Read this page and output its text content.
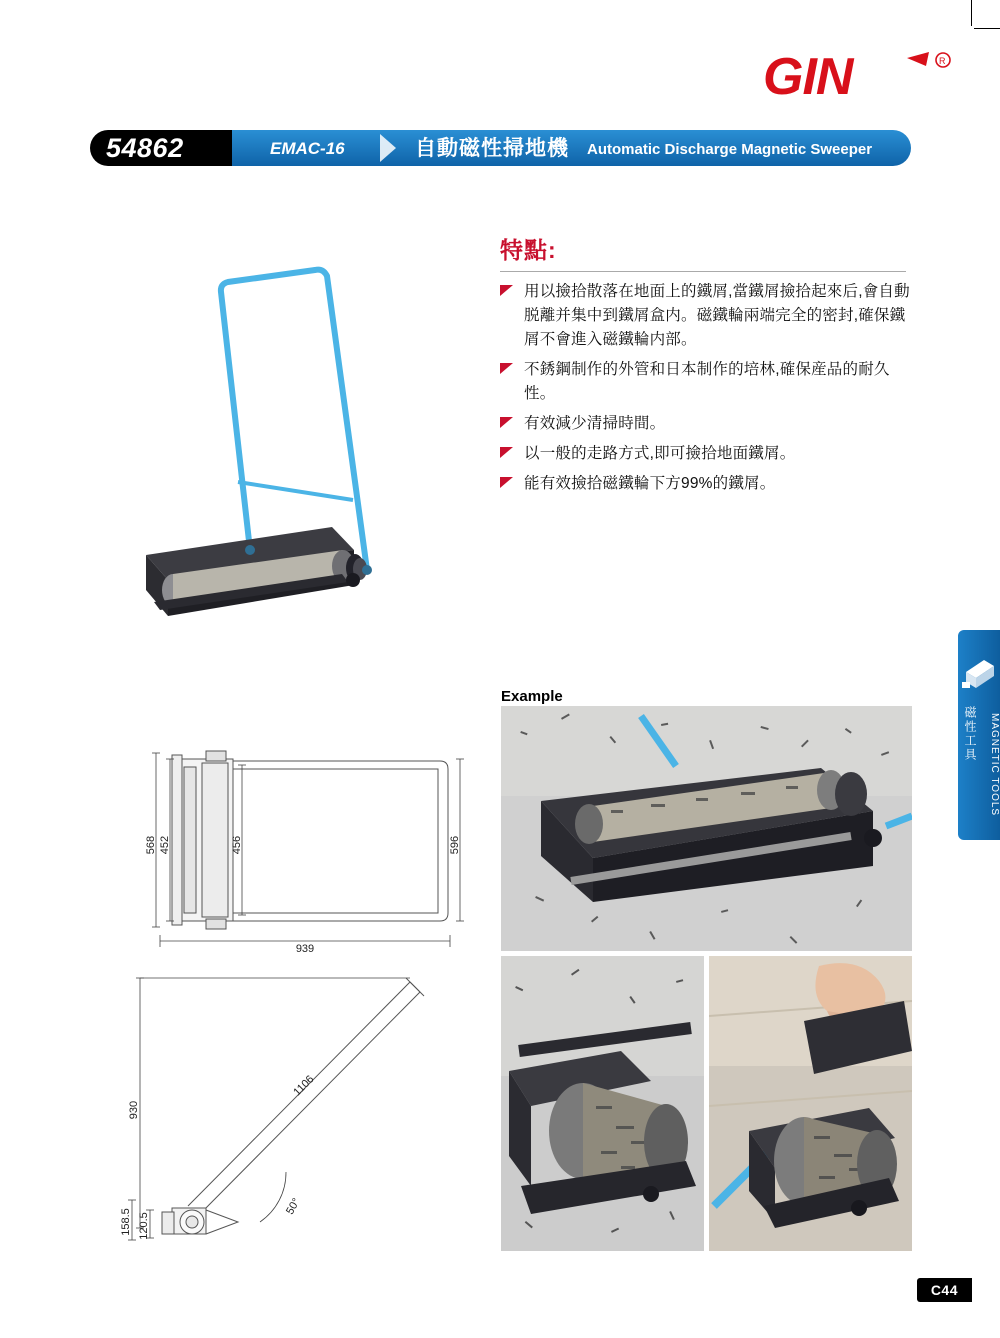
GIN	R
54862	EMAC-16	自動磁性掃地機 Automatic Discharge Magnetic Sweeper
特點:
用以撿拾散落在地面上的鐵屑,當鐵屑撿拾起來后,會自動脱離并集中到鐵屑盒内。磁鐵輪兩端完全的密封,確保鐵屑不會進入磁鐵輪内部。
不銹鋼制作的外管和日本制作的培林,確保産品的耐久性。
有效減少清掃時間。
以一般的走路方式,即可撿拾地面鐵屑。
能有效撿拾磁鐵輪下方99%的鐵屑。
MAGNETIC TOOLS
磁性工具
Example
568 452	456	596
939
930
1106
158.5 120.5
50°
C44
